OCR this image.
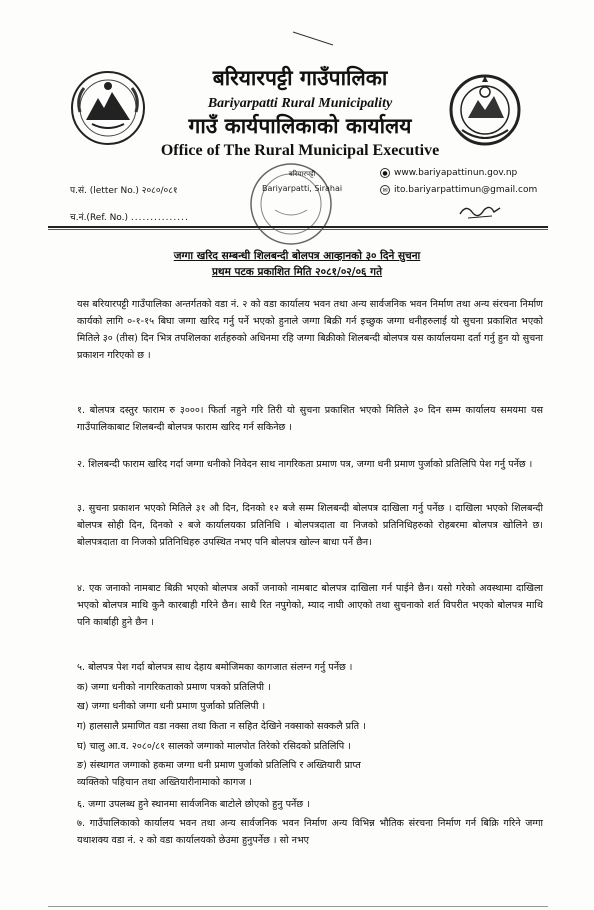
बरियारपट्टी गाउँपालिका
Bariyarpatti Rural Municipality
गाउँ कार्यपालिकाको कार्यालय
Office of The Rural Municipal Executive
प.सं. (letter No.) २०८०/०८१
च.नं.(Ref. No.) ...............
● www.bariyapattinun.gov.np
✉ ito.bariyarpattimun@gmail.com
बरियारपट्टी
Bariyarpatti, Sirahai
जग्गा खरिद सम्बन्धी शिलबन्दी बोलपत्र आव्हानको ३० दिने सुचना
प्रथम पटक प्रकाशित मिति २०८१/०२/०६ गते
यस बरियारपट्टी गाउँपालिका अन्तर्गतको वडा नं. २ को वडा कार्यालय भवन तथा अन्य सार्वजनिक भवन निर्माण तथा अन्य संरचना निर्माण कार्यको लागि ०-१-१५ बिघा जग्गा खरिद गर्नु पर्ने भएको हुनाले जग्गा बिक्री गर्न इच्छुक जग्गा धनीहरुलाई यो सुचना प्रकाशित भएको मितिले ३० (तीस) दिन भित्र तपशिलका शर्तहरुको अधिनमा रहि जग्गा बिक्रीको शिलबन्दी बोलपत्र यस कार्यालयमा दर्ता गर्नु हुन यो सुचना प्रकाशन गरिएको छ ।
१. बोलपत्र दस्तुर फाराम रु ३०००। फिर्ता नहुने गरि तिरी यो सुचना प्रकाशित भएको मितिले ३० दिन सम्म कार्यालय समयमा यस गाउँपालिकाबाट शिलबन्दी बोलपत्र फाराम खरिद गर्न सकिनेछ ।
२. शिलबन्दी फाराम खरिद गर्दा जग्गा धनीको निवेदन साथ नागरिकता प्रमाण पत्र, जग्गा धनी प्रमाण पुर्जाको प्रतिलिपि पेश गर्नु पर्नेछ ।
३. सुचना प्रकाशन भएको मितिले ३१ औ दिन, दिनको १२ बजे सम्म शिलबन्दी बोलपत्र दाखिला गर्नु पर्नेछ । दाखिला भएको शिलबन्दी बोलपत्र सोही दिन, दिनको २ बजे कार्यालयका प्रतिनिधि । बोलपत्रदाता वा निजको प्रतिनिधिहरुको रोहबरमा बोलपत्र खोलिने छ। बोलपत्रदाता वा निजको प्रतिनिधिहरु उपस्थित नभए पनि बोलपत्र खोल्न बाधा पर्ने छैन।
४. एक जनाको नामबाट बिक्री भएको बोलपत्र अर्को जनाको नामबाट बोलपत्र दाखिला गर्न पाईने छैन। यसो गरेको अवस्थामा दाखिला भएको बोलपत्र माथि कुनै कारबाही गरिने छैन। साथै रित नपुगेको, म्याद नाघी आएको तथा सुचनाको शर्त विपरीत भएको बोलपत्र माथि पनि कार्बाही हुने छैन ।
५. बोलपत्र पेश गर्दा बोलपत्र साथ देहाय बमोजिमका कागजात संलग्न गर्नु पर्नेछ ।
क) जग्गा धनीको नागरिकताको प्रमाण पत्रको प्रतिलिपी ।
ख) जग्गा धनीको जग्गा धनी प्रमाण पुर्जाको प्रतिलिपी ।
ग) हालसालै प्रमाणित वडा नक्सा तथा किता न सहित देखिने नक्साको सक्कलै प्रति ।
घ) चालु आ.व. २०८०/८१ सालको जग्गाको मालपोत तिरेको रसिदको प्रतिलिपि ।
ङ) संस्थागत जग्गाको हकमा जग्गा धनी प्रमाण पुर्जाको प्रतिलिपि र अख्तियारी प्राप्त
व्यक्तिको पहिचान तथा अख्तियारीनामाको कागज ।
६. जग्गा उपलब्ध हुने स्थानमा सार्वजनिक बाटोले छोएको हुनु पर्नेछ ।
७. गाउँपालिकाको कार्यालय भवन तथा अन्य सार्वजनिक भवन निर्माण अन्य विभिन्न भौतिक संरचना निर्माण गर्न बिक्रि गरिने जग्गा यथाशक्य वडा नं. २ को वडा कार्यालयको छेउमा हुनुपर्नेछ । सो नभए
